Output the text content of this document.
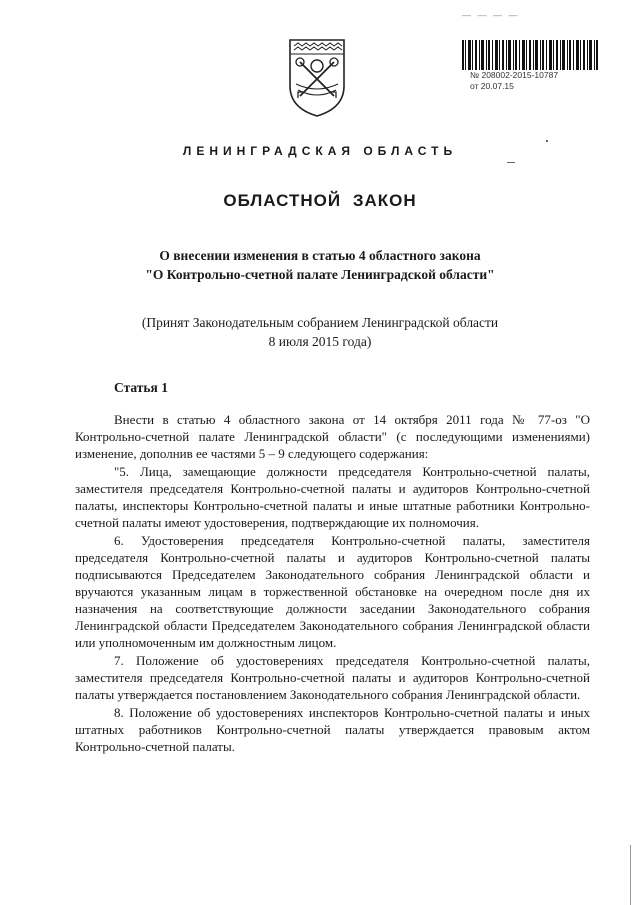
— — — —
№ 208002-2015-10787
от 20.07.15
ЛЕНИНГРАДСКАЯ ОБЛАСТЬ
ОБЛАСТНОЙ ЗАКОН
О внесении изменения в статью 4 областного закона
"О Контрольно-счетной палате Ленинградской области"
(Принят Законодательным собранием Ленинградской области
8 июля 2015 года)
Статья 1

Внести в статью 4 областного закона от 14 октября 2011 года № 77-оз "О Контрольно-счетной палате Ленинградской области" (с последующими изменениями) изменение, дополнив ее частями 5 – 9 следующего содержания:

"5. Лица, замещающие должности председателя Контрольно-счетной палаты, заместителя председателя Контрольно-счетной палаты и аудиторов Контрольно-счетной палаты, инспекторы Контрольно-счетной палаты и иные штатные работники Контрольно-счетной палаты имеют удостоверения, подтверждающие их полномочия.

6. Удостоверения председателя Контрольно-счетной палаты, заместителя председателя Контрольно-счетной палаты и аудиторов Контрольно-счетной палаты подписываются Председателем Законодательного собрания Ленинградской области и вручаются указанным лицам в торжественной обстановке на очередном после дня их назначения на соответствующие должности заседании Законодательного собрания Ленинградской области Председателем Законодательного собрания Ленинградской области или уполномоченным им должностным лицом.

7. Положение об удостоверениях председателя Контрольно-счетной палаты, заместителя председателя Контрольно-счетной палаты и аудиторов Контрольно-счетной палаты утверждается постановлением Законодательного собрания Ленинградской области.

8. Положение об удостоверениях инспекторов Контрольно-счетной палаты и иных штатных работников Контрольно-счетной палаты утверждается правовым актом Контрольно-счетной палаты.
